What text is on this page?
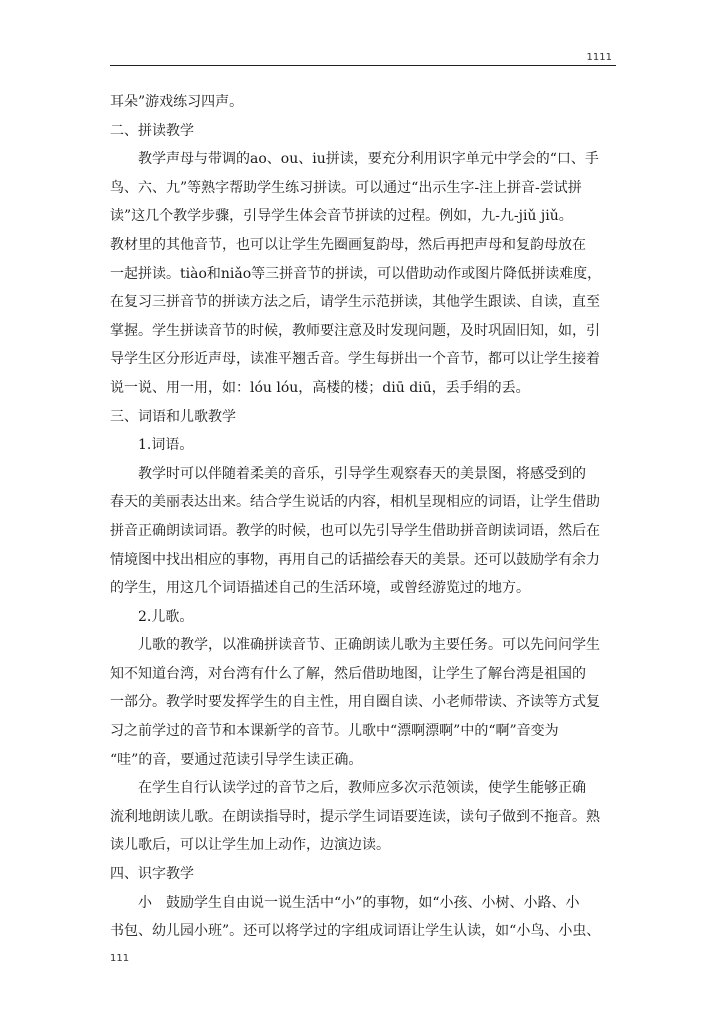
1111
耳朵”游戏练习四声。
二、拼读教学
教学声母与带调的ao、ou、iu拼读，要充分利用识字单元中学会的“口、手
鸟、六、九”等熟字帮助学生练习拼读。可以通过“出示生字-注上拼音-尝试拼
读”这几个教学步骤，引导学生体会音节拼读的过程。例如，九-九-jiǔ jiǔ。
教材里的其他音节，也可以让学生先圈画复韵母，然后再把声母和复韵母放在
一起拼读。tiào和niǎo等三拼音节的拼读，可以借助动作或图片降低拼读难度，
在复习三拼音节的拼读方法之后，请学生示范拼读，其他学生跟读、自读，直至
掌握。学生拼读音节的时候，教师要注意及时发现问题，及时巩固旧知，如，引
导学生区分形近声母，读准平翘舌音。学生每拼出一个音节，都可以让学生接着
说一说、用一用，如：lóu lóu，高楼的楼；diū diū，丢手绢的丢。
三、词语和儿歌教学
1.词语。
教学时可以伴随着柔美的音乐，引导学生观察春天的美景图，将感受到的
春天的美丽表达出来。结合学生说话的内容，相机呈现相应的词语，让学生借助
拼音正确朗读词语。教学的时候，也可以先引导学生借助拼音朗读词语，然后在
情境图中找出相应的事物，再用自己的话描绘春天的美景。还可以鼓励学有余力
的学生，用这几个词语描述自己的生活环境，或曾经游览过的地方。
2.儿歌。
儿歌的教学，以准确拼读音节、正确朗读儿歌为主要任务。可以先问问学生
知不知道台湾，对台湾有什么了解，然后借助地图，让学生了解台湾是祖国的
一部分。教学时要发挥学生的自主性，用自圈自读、小老师带读、齐读等方式复
习之前学过的音节和本课新学的音节。儿歌中“漂啊漂啊”中的“啊”音变为
“哇”的音，要通过范读引导学生读正确。
在学生自行认读学过的音节之后，教师应多次示范领读，使学生能够正确
流利地朗读儿歌。在朗读指导时，提示学生词语要连读，读句子做到不拖音。熟
读儿歌后，可以让学生加上动作，边演边读。
四、识字教学
小　鼓励学生自由说一说生活中“小”的事物，如“小孩、小树、小路、小
书包、幼儿园小班”。还可以将学过的字组成词语让学生认读，如“小鸟、小虫、
111
